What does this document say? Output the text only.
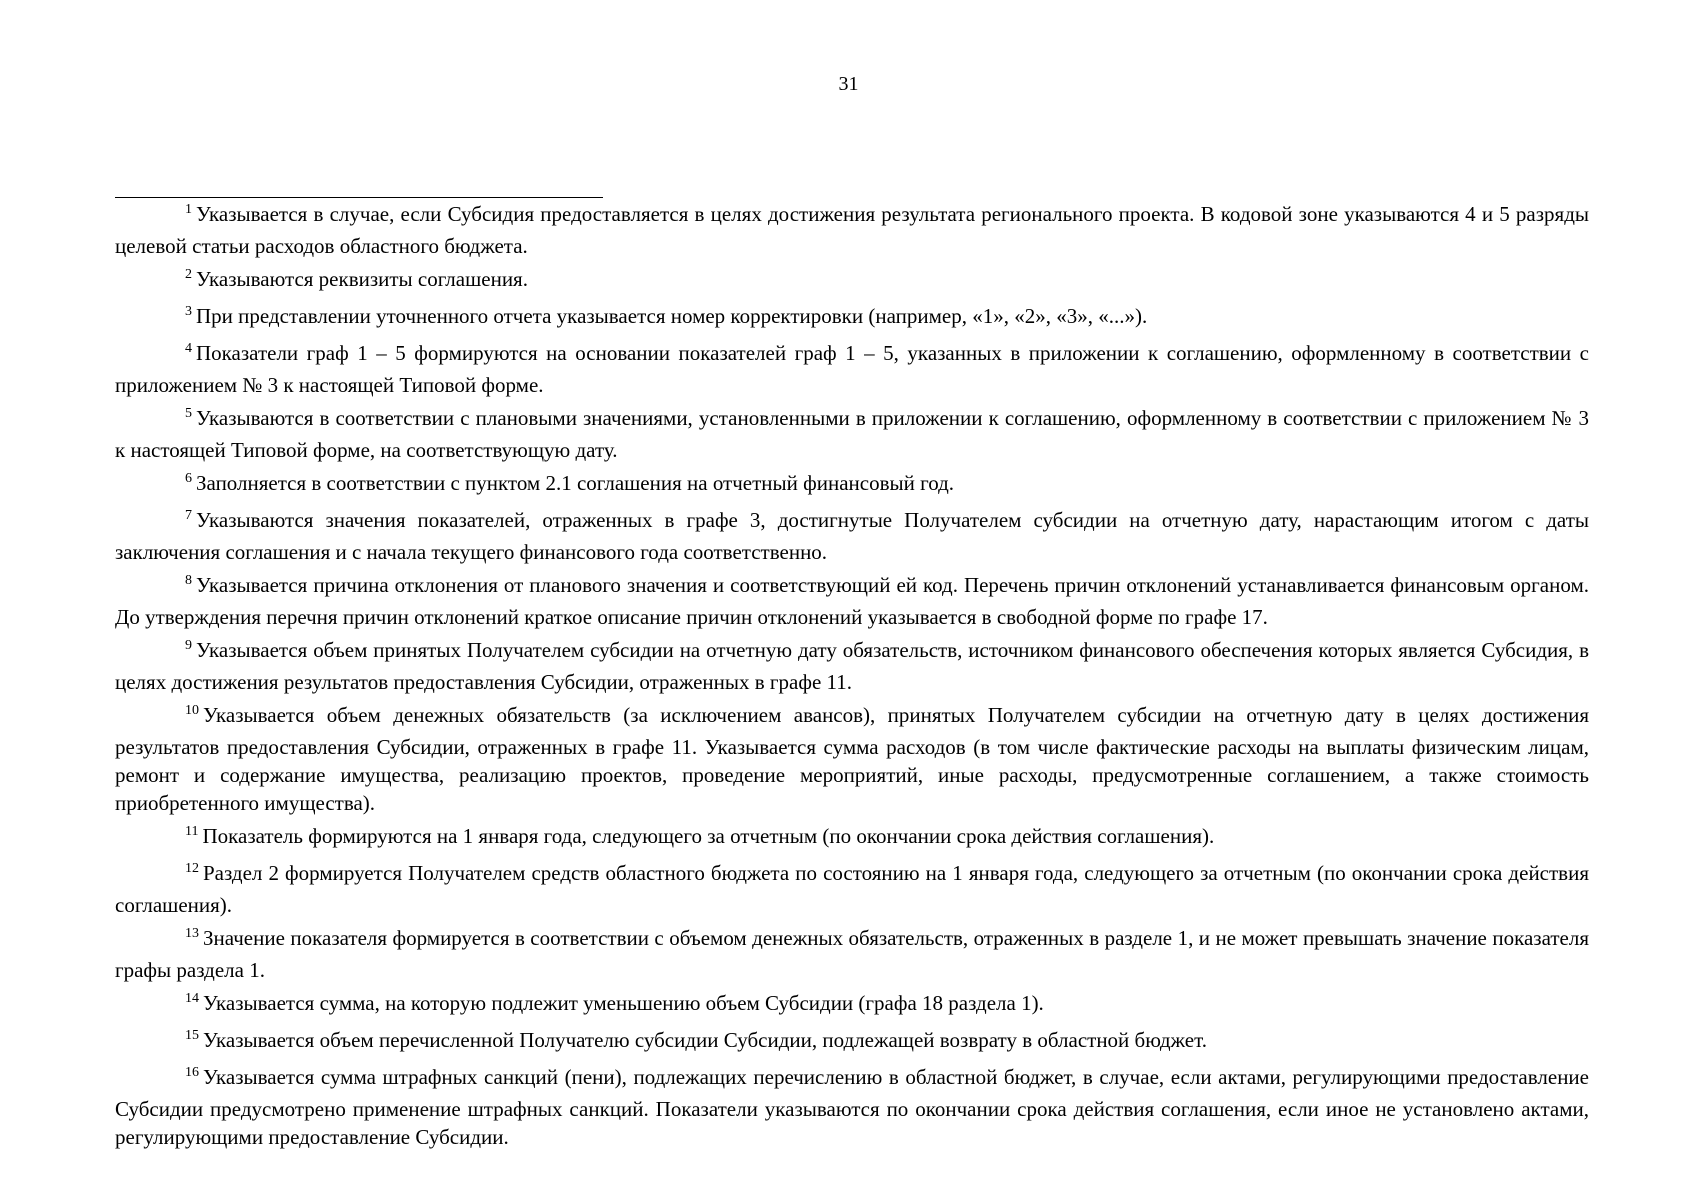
31

$^1$ Указывается в случае, если Субсидия предоставляется в целях достижения результата регионального проекта. В кодовой зоне указываются 4 и 5 разряды целевой статьи расходов областного бюджета.

$^2$ Указываются реквизиты соглашения.

$^3$ При представлении уточненного отчета указывается номер корректировки (например, «1», «2», «3», «...»).

$^4$ Показатели граф 1 – 5 формируются на основании показателей граф 1 – 5, указанных в приложении к соглашению, оформленному в соответствии с приложением № 3 к настоящей Типовой форме.

$^5$ Указываются в соответствии с плановыми значениями, установленными в приложении к соглашению, оформленному в соответствии с приложением № 3 к настоящей Типовой форме, на соответствующую дату.

$^6$ Заполняется в соответствии с пунктом 2.1 соглашения на отчетный финансовый год.

$^7$ Указываются значения показателей, отраженных в графе 3, достигнутые Получателем субсидии на отчетную дату, нарастающим итогом с даты заключения соглашения и с начала текущего финансового года соответственно.

$^8$ Указывается причина отклонения от планового значения и соответствующий ей код. Перечень причин отклонений устанавливается финансовым органом. До утверждения перечня причин отклонений краткое описание причин отклонений указывается в свободной форме по графе 17.

$^9$ Указывается объем принятых Получателем субсидии на отчетную дату обязательств, источником финансового обеспечения которых является Субсидия, в целях достижения результатов предоставления Субсидии, отраженных в графе 11.

$^{10}$ Указывается объем денежных обязательств (за исключением авансов), принятых Получателем субсидии на отчетную дату в целях достижения результатов предоставления Субсидии, отраженных в графе 11. Указывается сумма расходов (в том числе фактические расходы на выплаты физическим лицам, ремонт и содержание имущества, реализацию проектов, проведение мероприятий, иные расходы, предусмотренные соглашением, а также стоимость приобретенного имущества).

$^{11}$ Показатель формируются на 1 января года, следующего за отчетным (по окончании срока действия соглашения).

$^{12}$ Раздел 2 формируется Получателем средств областного бюджета по состоянию на 1 января года, следующего за отчетным (по окончании срока действия соглашения).

$^{13}$ Значение показателя формируется в соответствии с объемом денежных обязательств, отраженных в разделе 1, и не может превышать значение показателя графы раздела 1.

$^{14}$ Указывается сумма, на которую подлежит уменьшению объем Субсидии (графа 18 раздела 1).

$^{15}$ Указывается объем перечисленной Получателю субсидии Субсидии, подлежащей возврату в областной бюджет.

$^{16}$ Указывается сумма штрафных санкций (пени), подлежащих перечислению в областной бюджет, в случае, если актами, регулирующими предоставление Субсидии предусмотрено применение штрафных санкций. Показатели указываются по окончании срока действия соглашения, если иное не установлено актами, регулирующими предоставление Субсидии.
